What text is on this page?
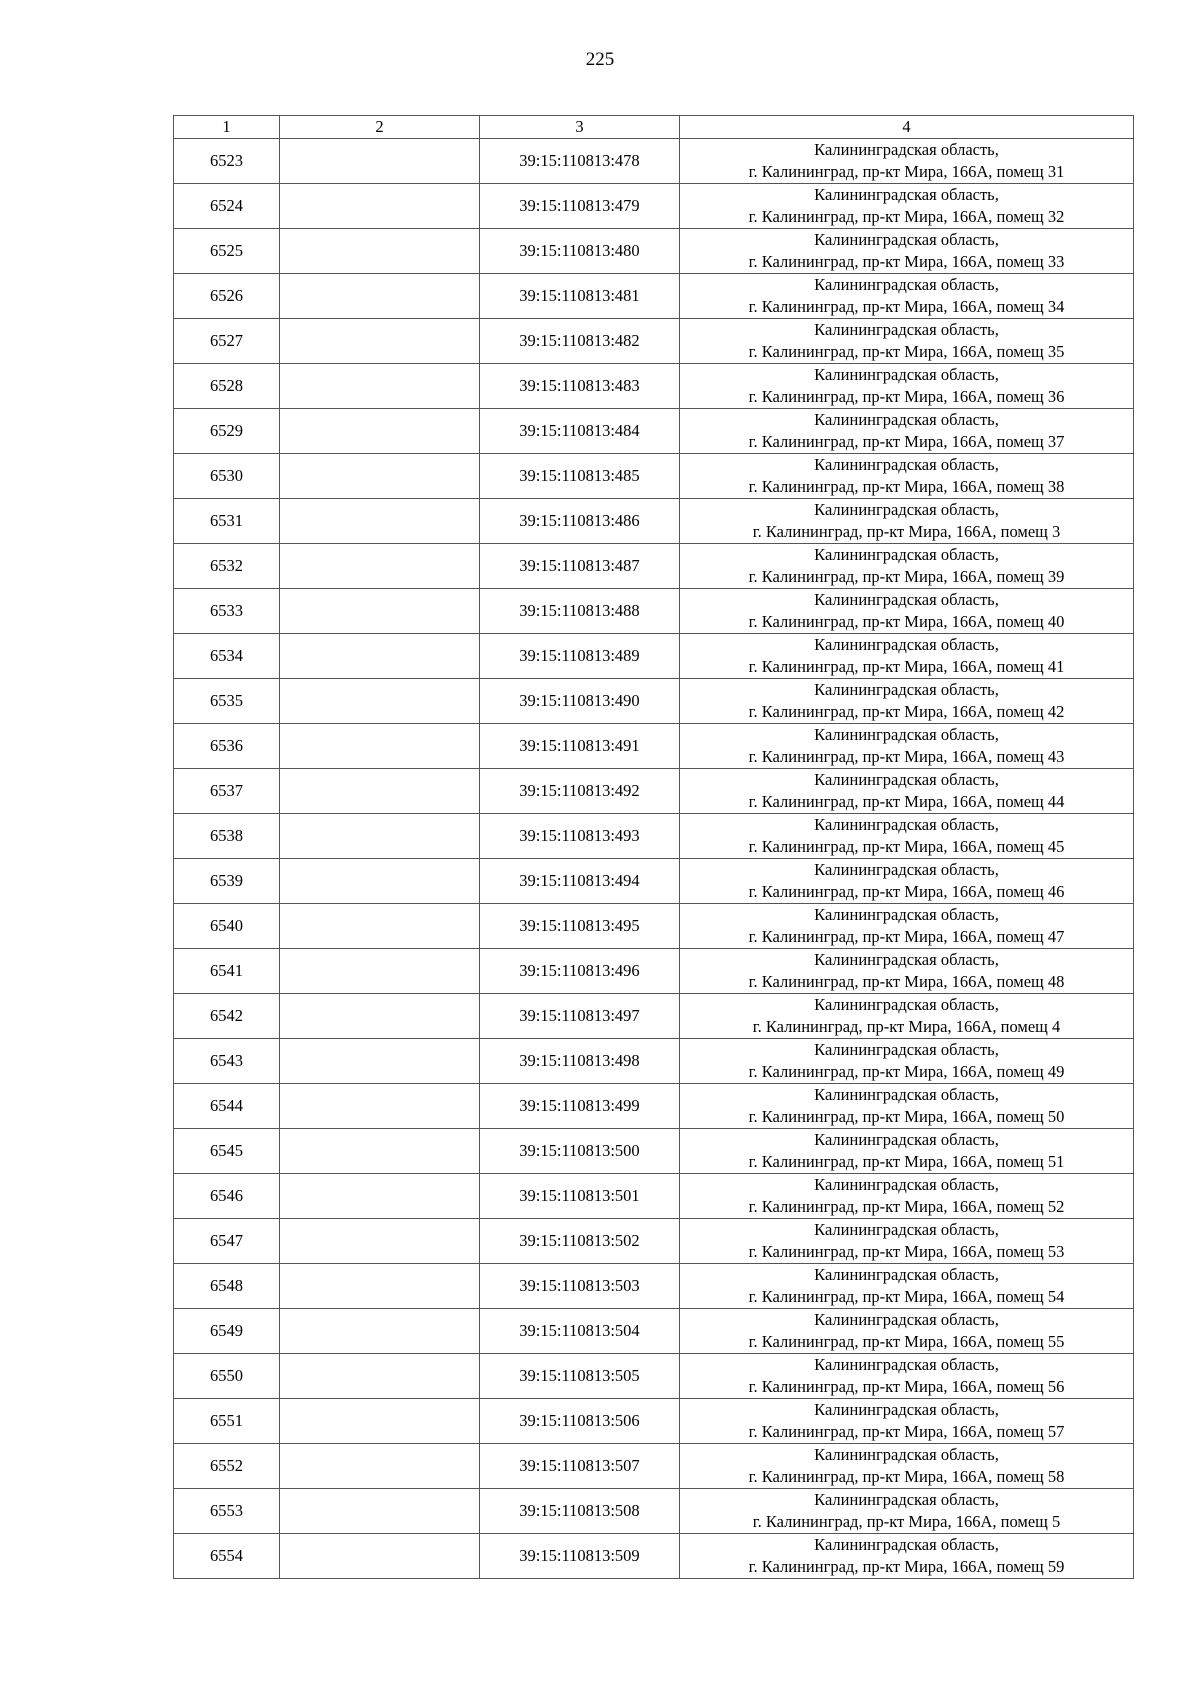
225
1	2	3	4
6523		39:15:110813:478	Калининградская область,
г. Калининград, пр-кт Мира, 166А, помещ 31

6524		39:15:110813:479	Калининградская область,
г. Калининград, пр-кт Мира, 166А, помещ 32

6525		39:15:110813:480	Калининградская область,
г. Калининград, пр-кт Мира, 166А, помещ 33

6526		39:15:110813:481	Калининградская область,
г. Калининград, пр-кт Мира, 166А, помещ 34

6527		39:15:110813:482	Калининградская область,
г. Калининград, пр-кт Мира, 166А, помещ 35

6528		39:15:110813:483	Калининградская область,
г. Калининград, пр-кт Мира, 166А, помещ 36

6529		39:15:110813:484	Калининградская область,
г. Калининград, пр-кт Мира, 166А, помещ 37

6530		39:15:110813:485	Калининградская область,
г. Калининград, пр-кт Мира, 166А, помещ 38

6531		39:15:110813:486	Калининградская область,
г. Калининград, пр-кт Мира, 166А, помещ 3

6532		39:15:110813:487	Калининградская область,
г. Калининград, пр-кт Мира, 166А, помещ 39

6533		39:15:110813:488	Калининградская область,
г. Калининград, пр-кт Мира, 166А, помещ 40

6534		39:15:110813:489	Калининградская область,
г. Калининград, пр-кт Мира, 166А, помещ 41

6535		39:15:110813:490	Калининградская область,
г. Калининград, пр-кт Мира, 166А, помещ 42

6536		39:15:110813:491	Калининградская область,
г. Калининград, пр-кт Мира, 166А, помещ 43

6537		39:15:110813:492	Калининградская область,
г. Калининград, пр-кт Мира, 166А, помещ 44

6538		39:15:110813:493	Калининградская область,
г. Калининград, пр-кт Мира, 166А, помещ 45

6539		39:15:110813:494	Калининградская область,
г. Калининград, пр-кт Мира, 166А, помещ 46

6540		39:15:110813:495	Калининградская область,
г. Калининград, пр-кт Мира, 166А, помещ 47

6541		39:15:110813:496	Калининградская область,
г. Калининград, пр-кт Мира, 166А, помещ 48

6542		39:15:110813:497	Калининградская область,
г. Калининград, пр-кт Мира, 166А, помещ 4

6543		39:15:110813:498	Калининградская область,
г. Калининград, пр-кт Мира, 166А, помещ 49

6544		39:15:110813:499	Калининградская область,
г. Калининград, пр-кт Мира, 166А, помещ 50

6545		39:15:110813:500	Калининградская область,
г. Калининград, пр-кт Мира, 166А, помещ 51

6546		39:15:110813:501	Калининградская область,
г. Калининград, пр-кт Мира, 166А, помещ 52

6547		39:15:110813:502	Калининградская область,
г. Калининград, пр-кт Мира, 166А, помещ 53

6548		39:15:110813:503	Калининградская область,
г. Калининград, пр-кт Мира, 166А, помещ 54

6549		39:15:110813:504	Калининградская область,
г. Калининград, пр-кт Мира, 166А, помещ 55

6550		39:15:110813:505	Калининградская область,
г. Калининград, пр-кт Мира, 166А, помещ 56

6551		39:15:110813:506	Калининградская область,
г. Калининград, пр-кт Мира, 166А, помещ 57

6552		39:15:110813:507	Калининградская область,
г. Калининград, пр-кт Мира, 166А, помещ 58

6553		39:15:110813:508	Калининградская область,
г. Калининград, пр-кт Мира, 166А, помещ 5

6554		39:15:110813:509	Калининградская область,
г. Калининград, пр-кт Мира, 166А, помещ 59
